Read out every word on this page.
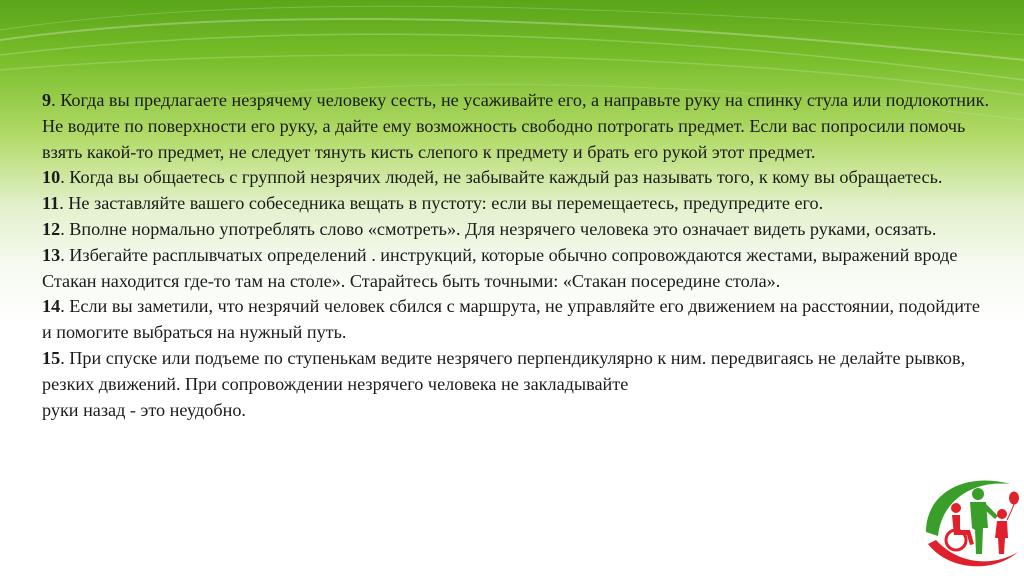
9. Когда вы предлагаете незрячему человеку сесть, не усаживайте его, а направьте руку на спинку стула или подлокотник. Не водите по поверхности его руку, а дайте ему возможность свободно потрогать предмет. Если вас попросили помочь взять какой-то предмет, не следует тянуть кисть слепого к предмету и брать его рукой этот предмет.

10. Когда вы общаетесь с группой незрячих людей, не забывайте каждый раз называть того, к кому вы обращаетесь.

11. Не заставляйте вашего собеседника вещать в пустоту: если вы перемещаетесь, предупредите его.

12. Вполне нормально употреблять слово «смотреть». Для незрячего человека это означает видеть руками, осязать.

13. Избегайте расплывчатых определений . инструкций, которые обычно сопровождаются жестами, выражений вроде Стакан находится где-то там на столе». Старайтесь быть точными: «Стакан посередине стола».

14. Если вы заметили, что незрячий человек сбился с маршрута, не управляйте его движением на расстоянии, подойдите и помогите выбраться на нужный путь.

15. При спуске или подъеме по ступенькам ведите незрячего перпендикулярно к ним. передвигаясь не делайте рывков, резких движений. При сопровождении незрячего человека не закладывайте

руки назад - это неудобно.
